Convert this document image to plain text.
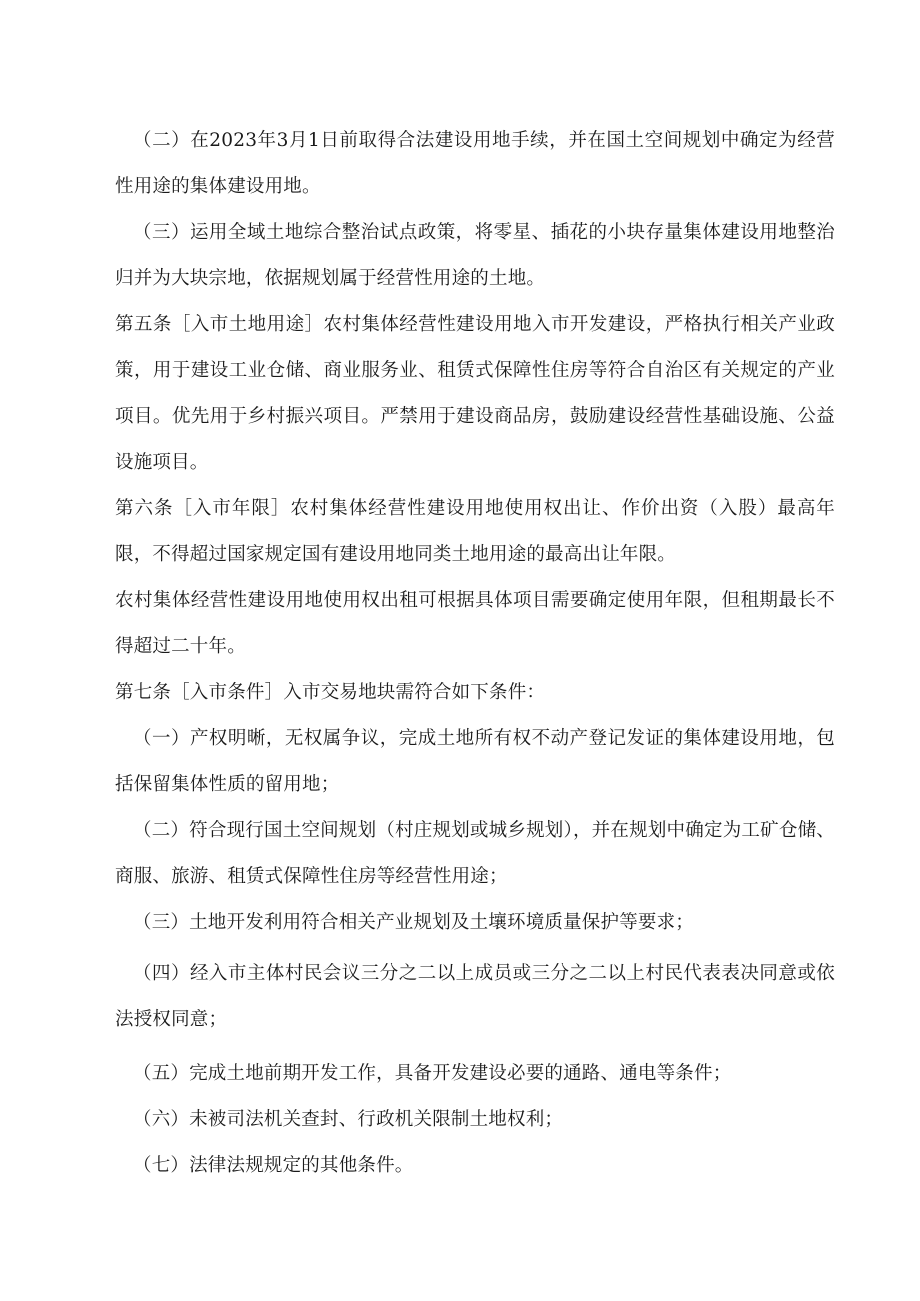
（二）在2023年3月1日前取得合法建设用地手续，并在国土空间规划中确定为经营性用途的集体建设用地。

（三）运用全域土地综合整治试点政策，将零星、插花的小块存量集体建设用地整治归并为大块宗地，依据规划属于经营性用途的土地。

第五条［入市土地用途］农村集体经营性建设用地入市开发建设，严格执行相关产业政策，用于建设工业仓储、商业服务业、租赁式保障性住房等符合自治区有关规定的产业项目。优先用于乡村振兴项目。严禁用于建设商品房，鼓励建设经营性基础设施、公益设施项目。

第六条［入市年限］农村集体经营性建设用地使用权出让、作价出资（入股）最高年限，不得超过国家规定国有建设用地同类土地用途的最高出让年限。

农村集体经营性建设用地使用权出租可根据具体项目需要确定使用年限，但租期最长不得超过二十年。

第七条［入市条件］入市交易地块需符合如下条件：

（一）产权明晰，无权属争议，完成土地所有权不动产登记发证的集体建设用地，包括保留集体性质的留用地；

（二）符合现行国土空间规划（村庄规划或城乡规划），并在规划中确定为工矿仓储、商服、旅游、租赁式保障性住房等经营性用途；

（三）土地开发利用符合相关产业规划及土壤环境质量保护等要求；

（四）经入市主体村民会议三分之二以上成员或三分之二以上村民代表表决同意或依法授权同意；

（五）完成土地前期开发工作，具备开发建设必要的通路、通电等条件；

（六）未被司法机关查封、行政机关限制土地权利；

（七）法律法规规定的其他条件。
